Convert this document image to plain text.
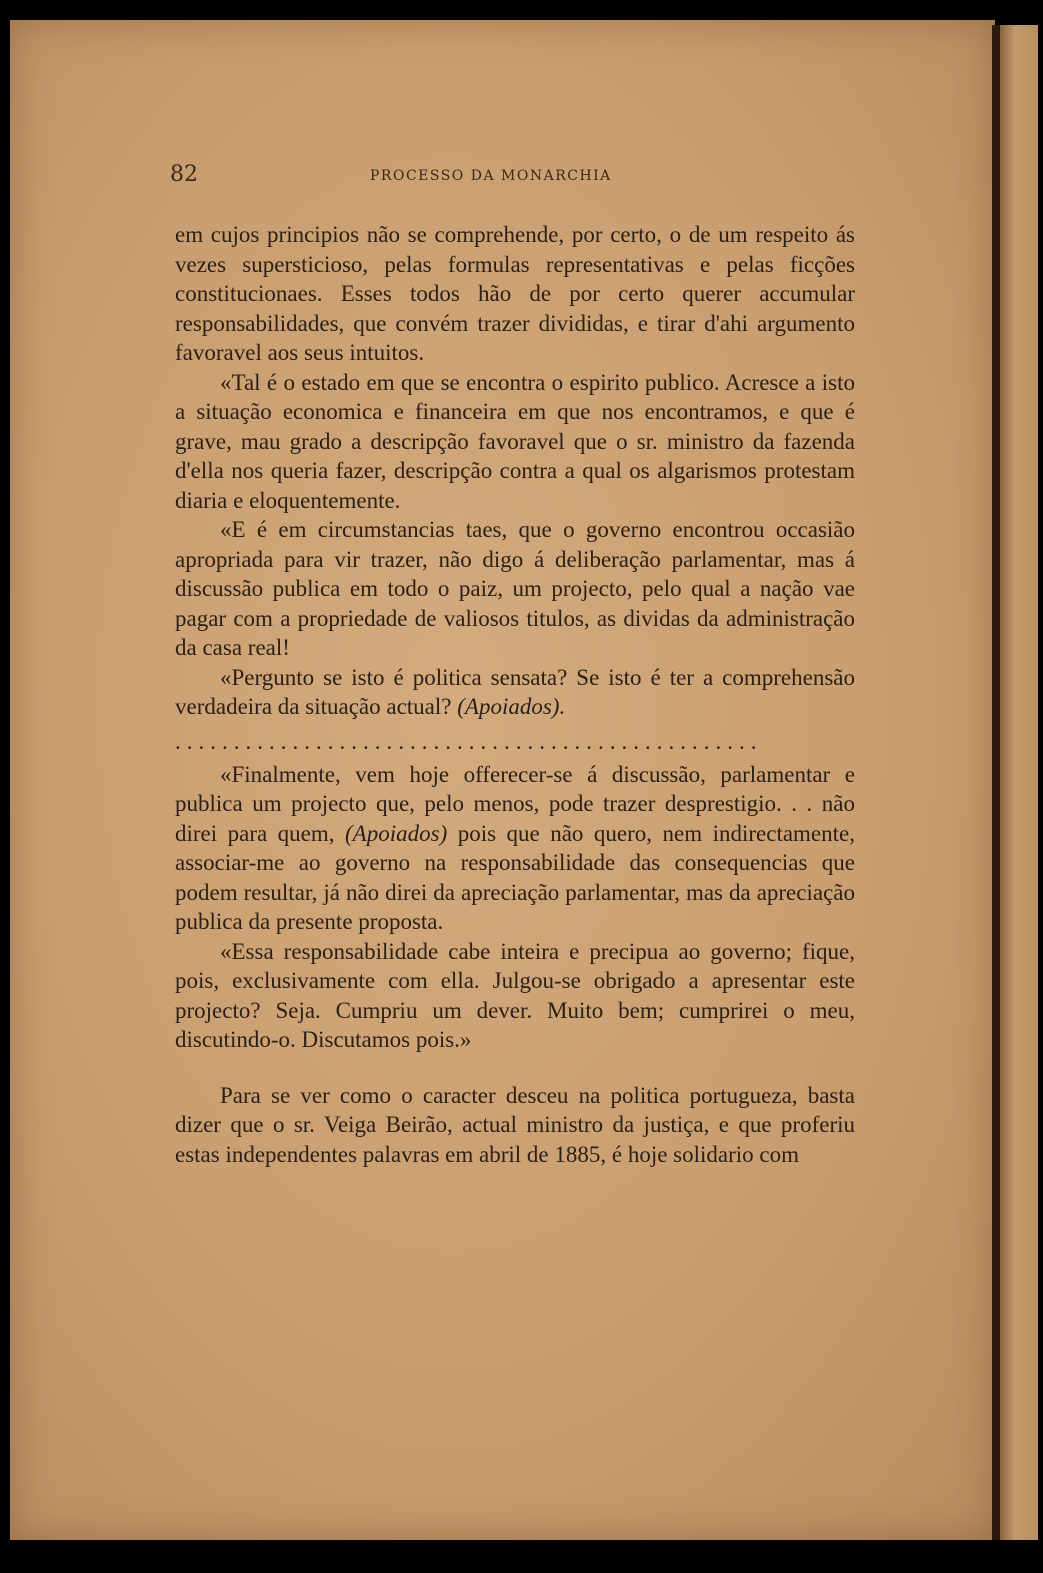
82	PROCESSO DA MONARCHIA

em cujos principios não se comprehende, por certo, o de um respeito ás vezes supersticioso, pelas formulas representativas e pelas ficções constitucionaes. Esses todos hão de por certo querer accumular responsabilidades, que convém trazer divididas, e tirar d'ahi argumento favoravel aos seus intuitos.

«Tal é o estado em que se encontra o espirito publico. Acresce a isto a situação economica e financeira em que nos encontramos, e que é grave, mau grado a descripção favoravel que o sr. ministro da fazenda d'ella nos queria fazer, descripção contra a qual os algarismos protestam diaria e eloquentemente.

«E é em circumstancias taes, que o governo encontrou occasião apropriada para vir trazer, não digo á deliberação parlamentar, mas á discussão publica em todo o paiz, um projecto, pelo qual a nação vae pagar com a propriedade de valiosos titulos, as dividas da administração da casa real!

«Pergunto se isto é politica sensata? Se isto é ter a comprehensão verdadeira da situação actual? (Apoiados).

..................................................

«Finalmente, vem hoje offerecer-se á discussão, parlamentar e publica um projecto que, pelo menos, pode trazer desprestigio. . . não direi para quem, (Apoiados) pois que não quero, nem indirectamente, associar-me ao governo na responsabilidade das consequencias que podem resultar, já não direi da apreciação parlamentar, mas da apreciação publica da presente proposta.

«Essa responsabilidade cabe inteira e precipua ao governo; fique, pois, exclusivamente com ella. Julgou-se obrigado a apresentar este projecto? Seja. Cumpriu um dever. Muito bem; cumprirei o meu, discutindo-o. Discutamos pois.»

Para se ver como o caracter desceu na politica portugueza, basta dizer que o sr. Veiga Beirão, actual ministro da justiça, e que proferiu estas independentes palavras em abril de 1885, é hoje solidario com
